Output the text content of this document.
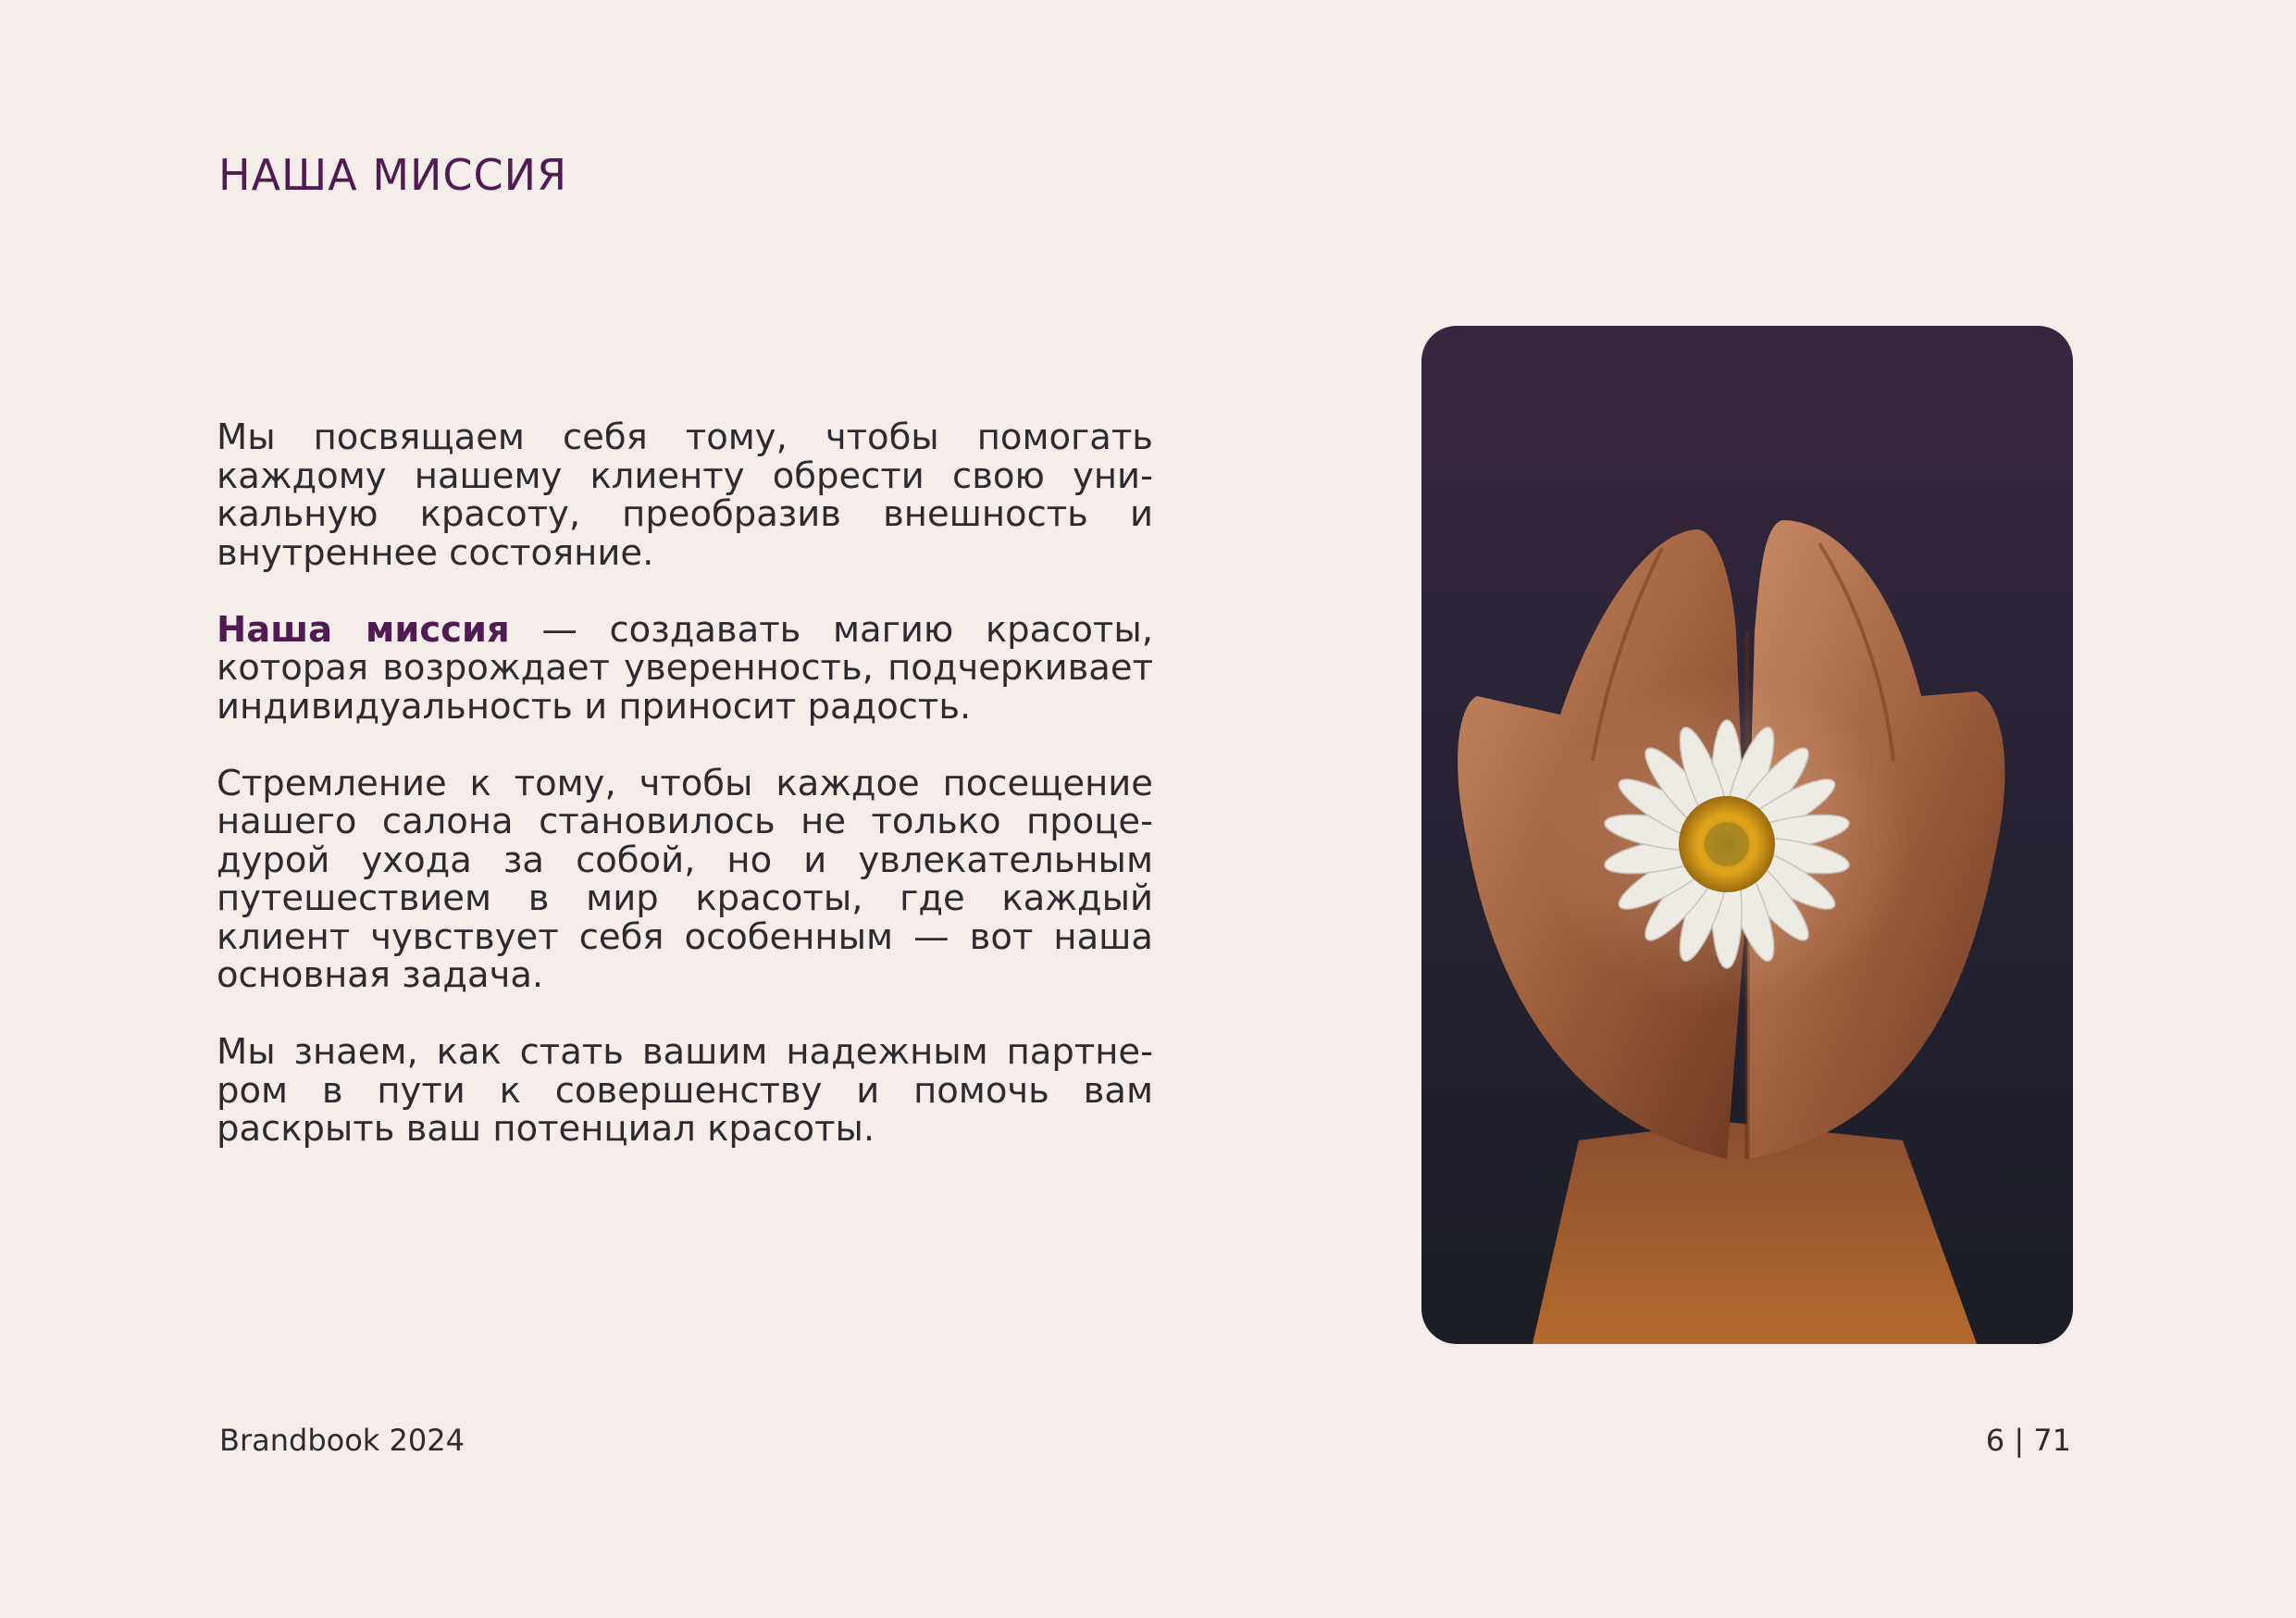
НАША МИССИЯ

Мы посвящаем себя тому, чтобы помогать каждому нашему клиенту обрести свою уникальную красоту, преобразив внешность и внутреннее состояние.

Наша миссия — создавать магию красоты, которая возрождает уверенность, подчеркивает индивидуальность и приносит радость.

Стремление к тому, чтобы каждое посещение нашего салона становилось не только процедурой ухода за собой, но и увлекательным путешествием в мир красоты, где каждый клиент чувствует себя особенным — вот наша основная задача.

Мы знаем, как стать вашим надежным партнером в пути к совершенству и помочь вам раскрыть ваш потенциал красоты.

Brandbook 2024	6 | 71
